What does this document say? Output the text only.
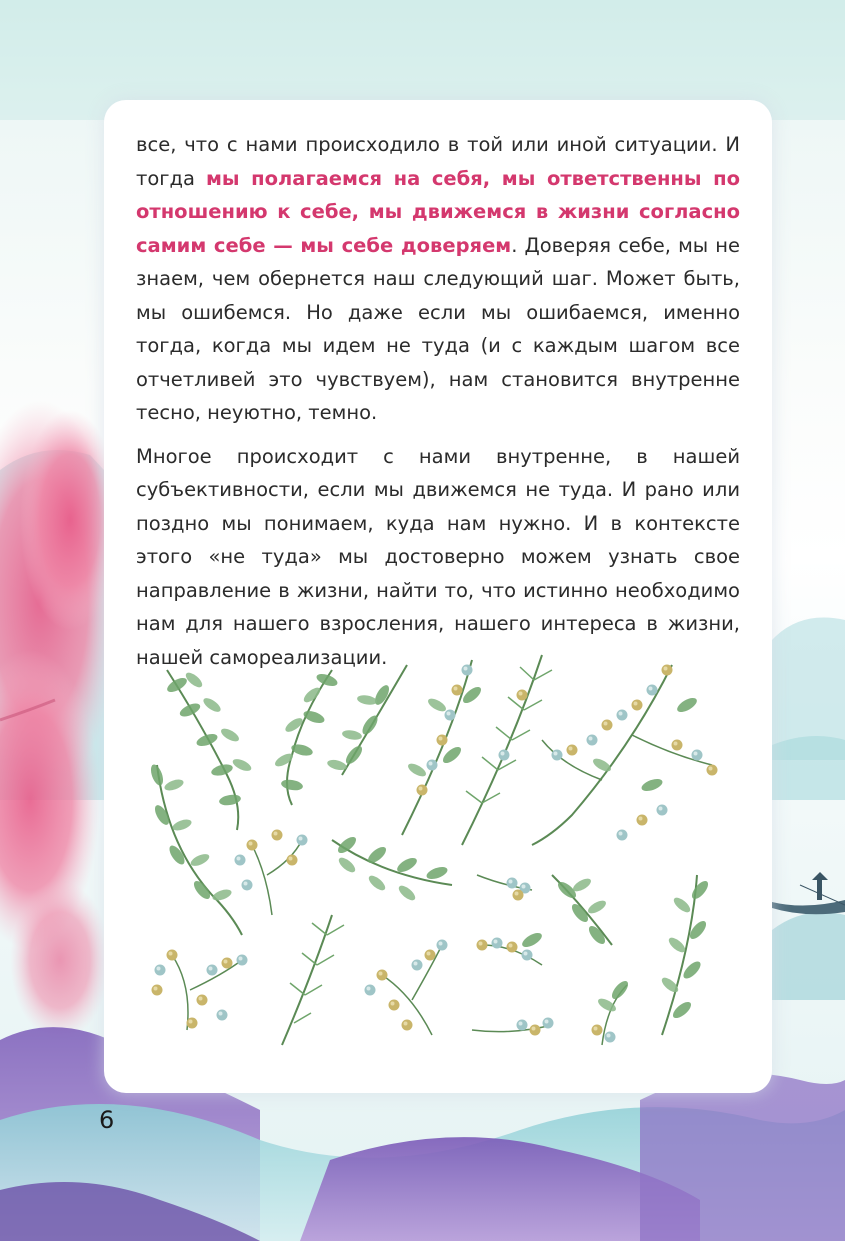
все, что с нами происходило в той или иной ситуации. И тогда мы полагаемся на себя, мы ответственны по отношению к себе, мы движемся в жизни согласно самим себе — мы себе доверяем. Доверяя себе, мы не знаем, чем обернется наш следующий шаг. Может быть, мы ошибемся. Но даже если мы ошибаемся, именно тогда, когда мы идем не туда (и с каждым шагом все отчетливей это чувствуем), нам становится внутренне тесно, неуютно, темно.

Многое происходит с нами внутренне, в нашей субъективности, если мы движемся не туда. И рано или поздно мы понимаем, куда нам нужно. И в контексте этого «не туда» мы достоверно можем узнать свое направление в жизни, найти то, что истинно необходимо нам для нашего взросления, нашего интереса в жизни, нашей самореализации.

6
